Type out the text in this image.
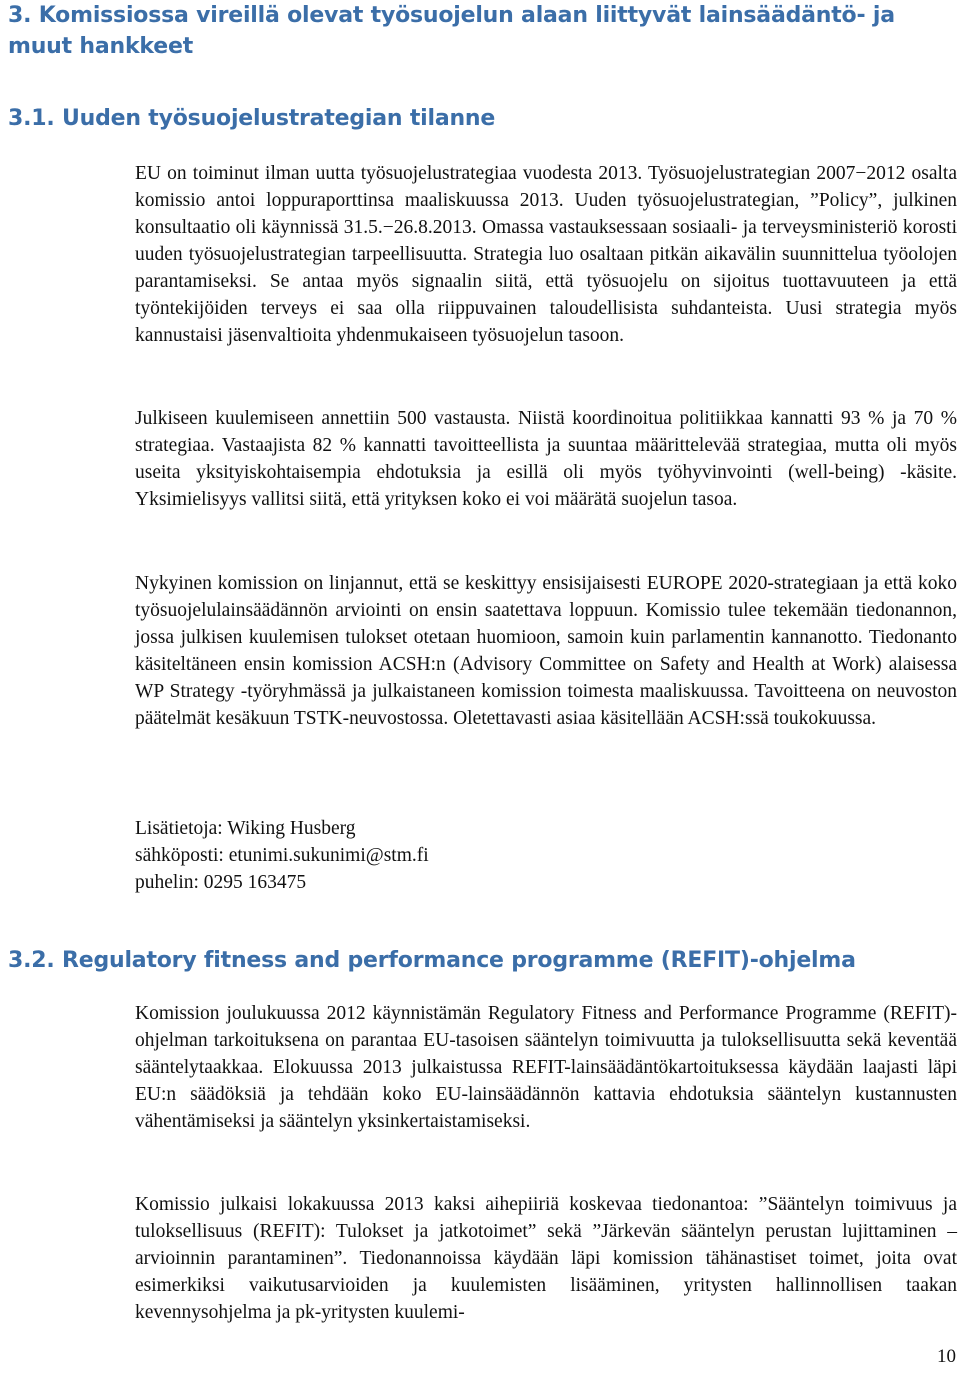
3. Komissiossa vireillä olevat työsuojelun alaan liittyvät lainsäädäntö- ja muut hankkeet
3.1. Uuden työsuojelustrategian tilanne

EU on toiminut ilman uutta työsuojelustrategiaa vuodesta 2013. Työsuojelustrategian 2007−2012 osalta komissio antoi loppuraporttinsa maaliskuussa 2013. Uuden työsuojelustrategian, ”Policy”, julkinen konsultaatio oli käynnissä 31.5.−26.8.2013. Omassa vastauksessaan sosiaali- ja terveysministeriö korosti uuden työsuojelustrategian tarpeellisuutta. Strategia luo osaltaan pitkän aikavälin suunnittelua työolojen parantamiseksi. Se antaa myös signaalin siitä, että työsuojelu on sijoitus tuottavuuteen ja että työntekijöiden terveys ei saa olla riippuvainen taloudellisista suhdanteista. Uusi strategia myös kannustaisi jäsenvaltioita yhdenmukaiseen työsuojelun tasoon.

Julkiseen kuulemiseen annettiin 500 vastausta. Niistä koordinoitua politiikkaa kannatti 93 % ja 70 % strategiaa. Vastaajista 82 % kannatti tavoitteellista ja suuntaa määrittelevää strategiaa, mutta oli myös useita yksityiskohtaisempia ehdotuksia ja esillä oli myös työhyvinvointi (well-being) -käsite. Yksimielisyys vallitsi siitä, että yrityksen koko ei voi määrätä suojelun tasoa.

Nykyinen komission on linjannut, että se keskittyy ensisijaisesti EUROPE 2020-strategiaan ja että koko työsuojelulainsäädännön arviointi on ensin saatettava loppuun. Komissio tulee tekemään tiedonannon, jossa julkisen kuulemisen tulokset otetaan huomioon, samoin kuin parlamentin kannanotto. Tiedonanto käsiteltäneen ensin komission ACSH:n (Advisory Committee on Safety and Health at Work) alaisessa WP Strategy -työryhmässä ja julkaistaneen komission toimesta maaliskuussa. Tavoitteena on neuvoston päätelmät kesäkuun TSTK-neuvostossa. Oletettavasti asiaa käsitellään ACSH:ssä toukokuussa.

Lisätietoja: Wiking Husberg
sähköposti: etunimi.sukunimi@stm.fi
puhelin: 0295 163475
3.2. Regulatory fitness and performance programme (REFIT)-ohjelma

Komission joulukuussa 2012 käynnistämän Regulatory Fitness and Performance Programme (REFIT)-ohjelman tarkoituksena on parantaa EU-tasoisen sääntelyn toimivuutta ja tuloksellisuutta sekä keventää sääntelytaakkaa. Elokuussa 2013 julkaistussa REFIT-lainsäädäntökartoituksessa käydään laajasti läpi EU:n säädöksiä ja tehdään koko EU-lainsäädännön kattavia ehdotuksia sääntelyn kustannusten vähentämiseksi ja sääntelyn yksinkertaistamiseksi.

Komissio julkaisi lokakuussa 2013 kaksi aihepiiriä koskevaa tiedonantoa: ”Sääntelyn toimivuus ja tuloksellisuus (REFIT): Tulokset ja jatkotoimet” sekä ”Järkevän sääntelyn perustan lujittaminen – arvioinnin parantaminen”. Tiedonannoissa käydään läpi komission tähänastiset toimet, joita ovat esimerkiksi vaikutusarvioiden ja kuulemisten lisääminen, yritysten hallinnollisen taakan kevennysohjelma ja pk-yritysten kuulemi-

10
